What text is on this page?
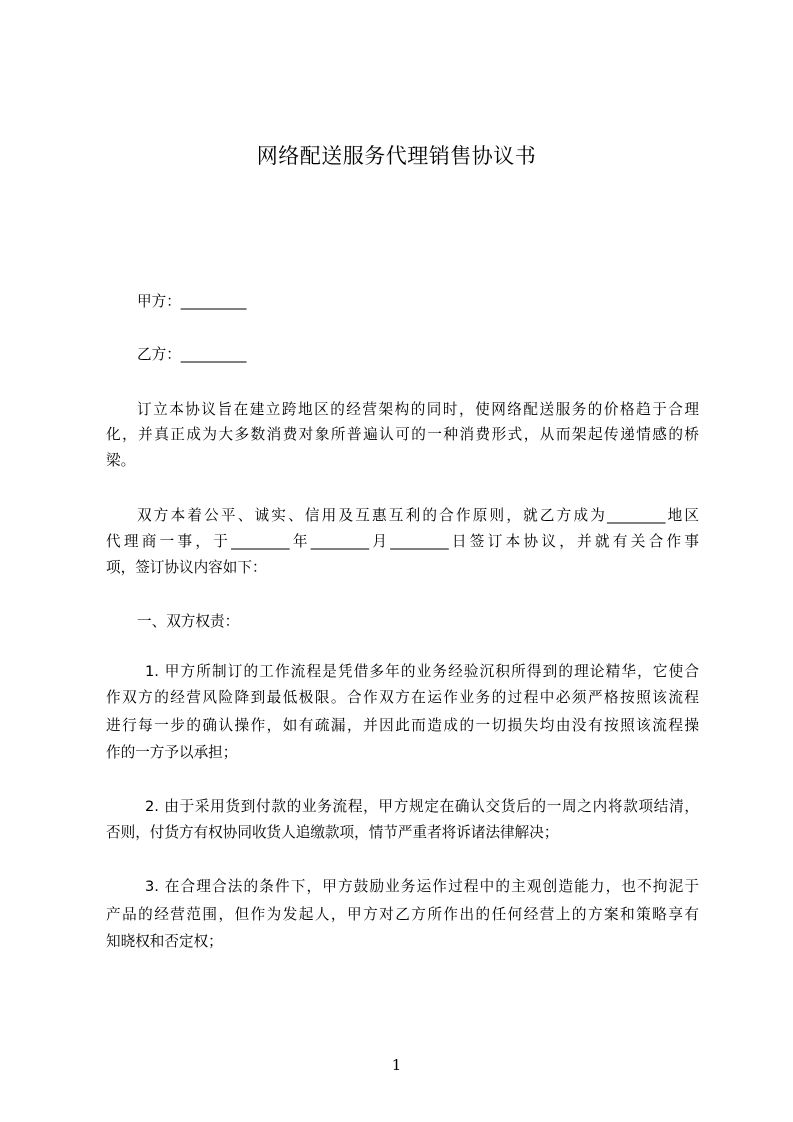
网络配送服务代理销售协议书
甲方：_________
乙方：_________
订立本协议旨在建立跨地区的经营架构的同时，使网络配送服务的价格趋于合理
化，并真正成为大多数消费对象所普遍认可的一种消费形式，从而架起传递情感的桥
梁。
双方本着公平、诚实、信用及互惠互利的合作原则，就乙方成为________地区
代理商一事，于________年________月________日签订本协议，并就有关合作事
项，签订协议内容如下：
一、双方权责：
1. 甲方所制订的工作流程是凭借多年的业务经验沉积所得到的理论精华，它使合
作双方的经营风险降到最低极限。合作双方在运作业务的过程中必须严格按照该流程
进行每一步的确认操作，如有疏漏，并因此而造成的一切损失均由没有按照该流程操
作的一方予以承担；
2. 由于采用货到付款的业务流程，甲方规定在确认交货后的一周之内将款项结清，
否则，付货方有权协同收货人追缴款项，情节严重者将诉诸法律解决；
3. 在合理合法的条件下，甲方鼓励业务运作过程中的主观创造能力，也不拘泥于
产品的经营范围，但作为发起人，甲方对乙方所作出的任何经营上的方案和策略享有
知晓权和否定权；
1
